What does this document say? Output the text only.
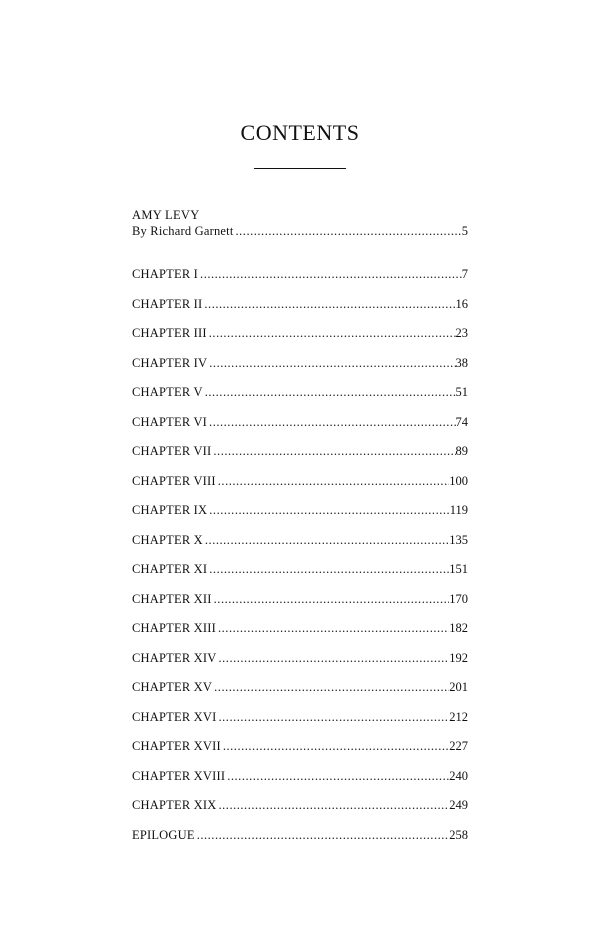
CONTENTS
AMY LEVY
By Richard Garnett . . .	5
CHAPTER I . . .	7
CHAPTER II . . .	16
CHAPTER III . . .	23
CHAPTER IV . . .	38
CHAPTER V . . .	51
CHAPTER VI . . .	74
CHAPTER VII . . .	89
CHAPTER VIII . . .	100
CHAPTER IX . . .	119
CHAPTER X . . .	135
CHAPTER XI . . .	151
CHAPTER XII . . .	170
CHAPTER XIII . . .	182
CHAPTER XIV . . .	192
CHAPTER XV . . .	201
CHAPTER XVI . . .	212
CHAPTER XVII . . .	227
CHAPTER XVIII . . .	240
CHAPTER XIX . . .	249
EPILOGUE . . .	258
